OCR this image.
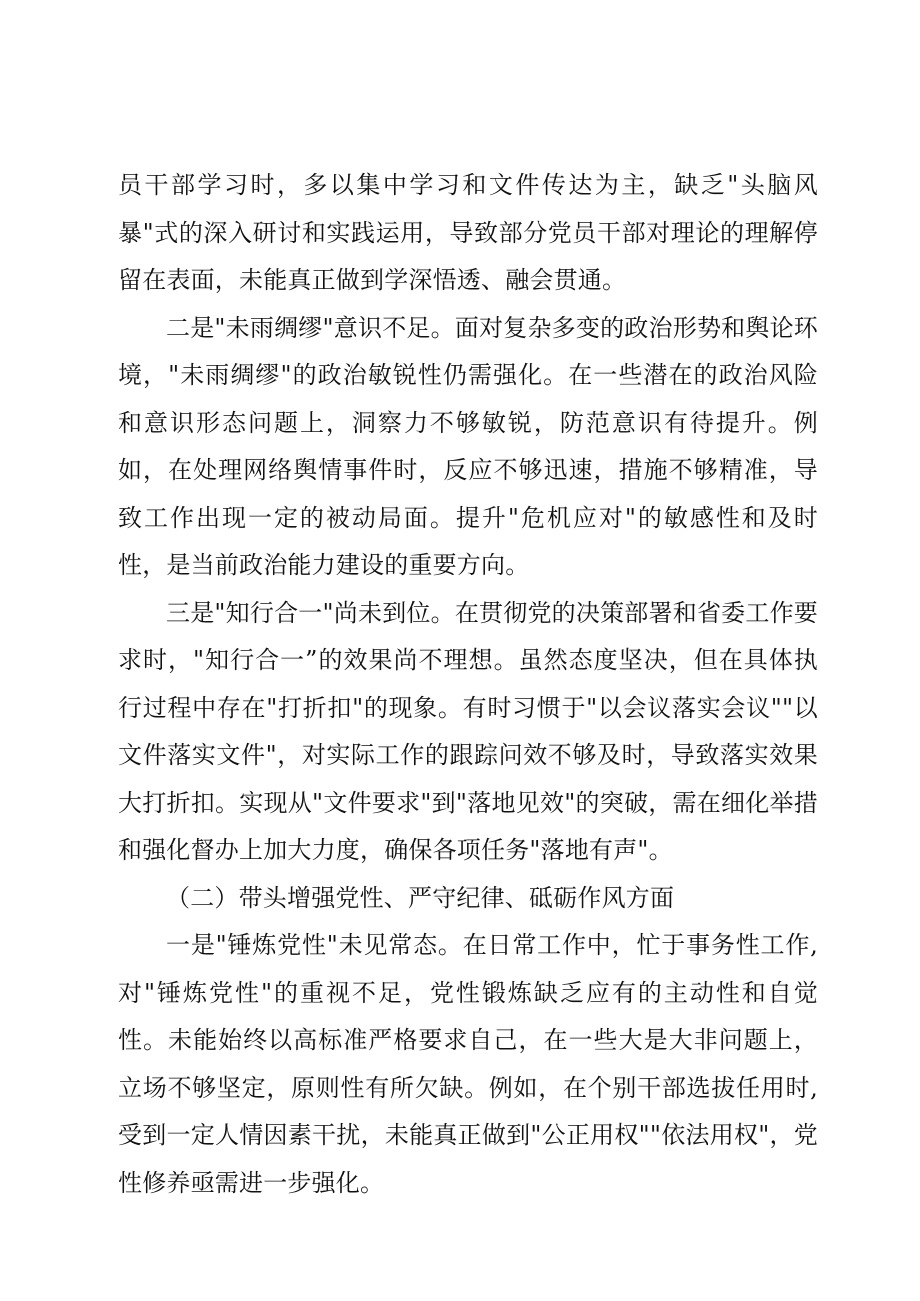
员干部学习时，多以集中学习和文件传达为主，缺乏"头脑风暴"式的深入研讨和实践运用，导致部分党员干部对理论的理解停留在表面，未能真正做到学深悟透、融会贯通。

二是"未雨绸缪"意识不足。面对复杂多变的政治形势和舆论环境，"未雨绸缪"的政治敏锐性仍需强化。在一些潜在的政治风险和意识形态问题上，洞察力不够敏锐，防范意识有待提升。例如，在处理网络舆情事件时，反应不够迅速，措施不够精准，导致工作出现一定的被动局面。提升"危机应对"的敏感性和及时性，是当前政治能力建设的重要方向。

三是"知行合一"尚未到位。在贯彻党的决策部署和省委工作要求时，"知行合一”的效果尚不理想。虽然态度坚决，但在具体执行过程中存在"打折扣"的现象。有时习惯于"以会议落实会议""以文件落实文件"，对实际工作的跟踪问效不够及时，导致落实效果大打折扣。实现从"文件要求"到"落地见效"的突破，需在细化举措和强化督办上加大力度，确保各项任务"落地有声"。

（二）带头增强党性、严守纪律、砥砺作风方面

一是"锤炼党性"未见常态。在日常工作中，忙于事务性工作,对"锤炼党性"的重视不足，党性锻炼缺乏应有的主动性和自觉性。未能始终以高标准严格要求自己，在一些大是大非问题上，立场不够坚定，原则性有所欠缺。例如，在个别干部选拔任用时,受到一定人情因素干扰，未能真正做到"公正用权""依法用权"，党性修养亟需进一步强化。
